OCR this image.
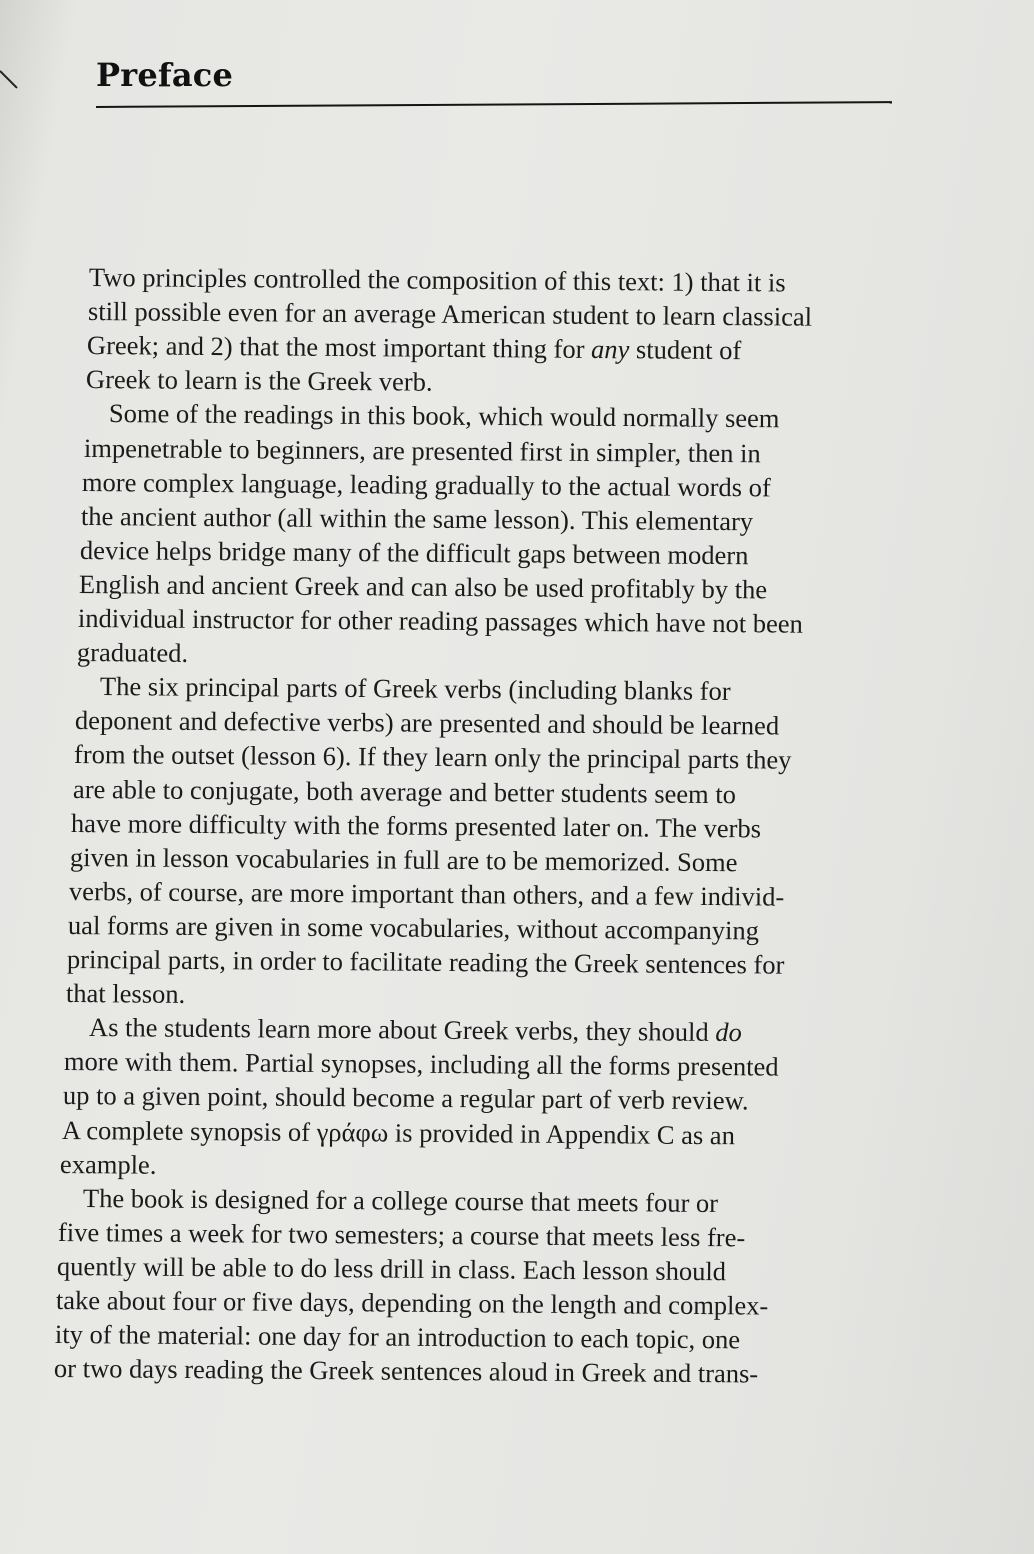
Preface
Two principles controlled the composition of this text: 1) that it is
still possible even for an average American student to learn classical
Greek; and 2) that the most important thing for any student of
Greek to learn is the Greek verb.
Some of the readings in this book, which would normally seem
impenetrable to beginners, are presented first in simpler, then in
more complex language, leading gradually to the actual words of
the ancient author (all within the same lesson). This elementary
device helps bridge many of the difficult gaps between modern
English and ancient Greek and can also be used profitably by the
individual instructor for other reading passages which have not been
graduated.
The six principal parts of Greek verbs (including blanks for
deponent and defective verbs) are presented and should be learned
from the outset (lesson 6). If they learn only the principal parts they
are able to conjugate, both average and better students seem to
have more difficulty with the forms presented later on. The verbs
given in lesson vocabularies in full are to be memorized. Some
verbs, of course, are more important than others, and a few individ-
ual forms are given in some vocabularies, without accompanying
principal parts, in order to facilitate reading the Greek sentences for
that lesson.
As the students learn more about Greek verbs, they should do
more with them. Partial synopses, including all the forms presented
up to a given point, should become a regular part of verb review.
A complete synopsis of γράφω is provided in Appendix C as an
example.
The book is designed for a college course that meets four or
five times a week for two semesters; a course that meets less fre-
quently will be able to do less drill in class. Each lesson should
take about four or five days, depending on the length and complex-
ity of the material: one day for an introduction to each topic, one
or two days reading the Greek sentences aloud in Greek and trans-
